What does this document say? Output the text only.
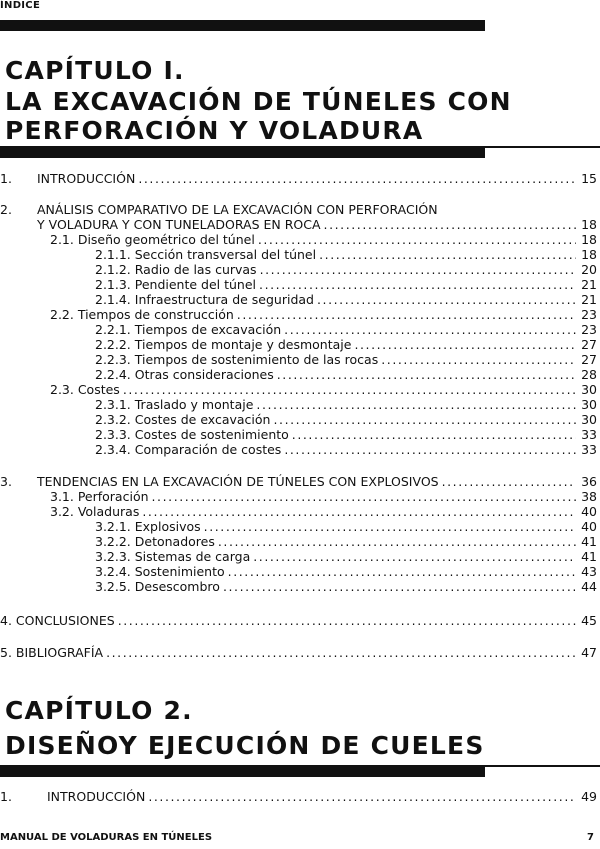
ÍNDICE
CAPÍTULO I.
LA EXCAVACIÓN DE TÚNELES CON
PERFORACIÓN Y VOLADURA
1.	INTRODUCCIÓN . . .	15
2. ANÁLISIS COMPARATIVO DE LA EXCAVACIÓN CON PERFORACIÓN
Y VOLADURA Y CON TUNELADORAS EN ROCA . . .	18
2.1. Diseño geométrico del túnel . . .	18
2.1.1. Sección transversal del túnel . . .	18
2.1.2. Radio de las curvas . . .	20
2.1.3. Pendiente del túnel . . .	21
2.1.4. Infraestructura de seguridad . . .	21
2.2. Tiempos de construcción . . .	23
2.2.1. Tiempos de excavación . . .	23
2.2.2. Tiempos de montaje y desmontaje . . .	27
2.2.3. Tiempos de sostenimiento de las rocas . . .	27
2.2.4. Otras consideraciones . . .	28
2.3. Costes . . .	30
2.3.1. Traslado y montaje . . .	30
2.3.2. Costes de excavación . . .	30
2.3.3. Costes de sostenimiento . . .	33
2.3.4. Comparación de costes . . .	33
3.	TENDENCIAS EN LA EXCAVACIÓN DE TÚNELES CON EXPLOSIVOS . . .	36
3.1. Perforación . . .	38
3.2. Voladuras . . .	40
3.2.1. Explosivos . . .	40
3.2.2. Detonadores . . .	41
3.2.3. Sistemas de carga . . .	41
3.2.4. Sostenimiento . . .	43
3.2.5. Desescombro . . .	44
4. CONCLUSIONES . . .	45
5. BIBLIOGRAFÍA . . .	47
CAPÍTULO 2.
DISEÑOY EJECUCIÓN DE CUELES
1.	INTRODUCCIÓN . . .	49
MANUAL DE VOLADURAS EN TÚNELES	7
